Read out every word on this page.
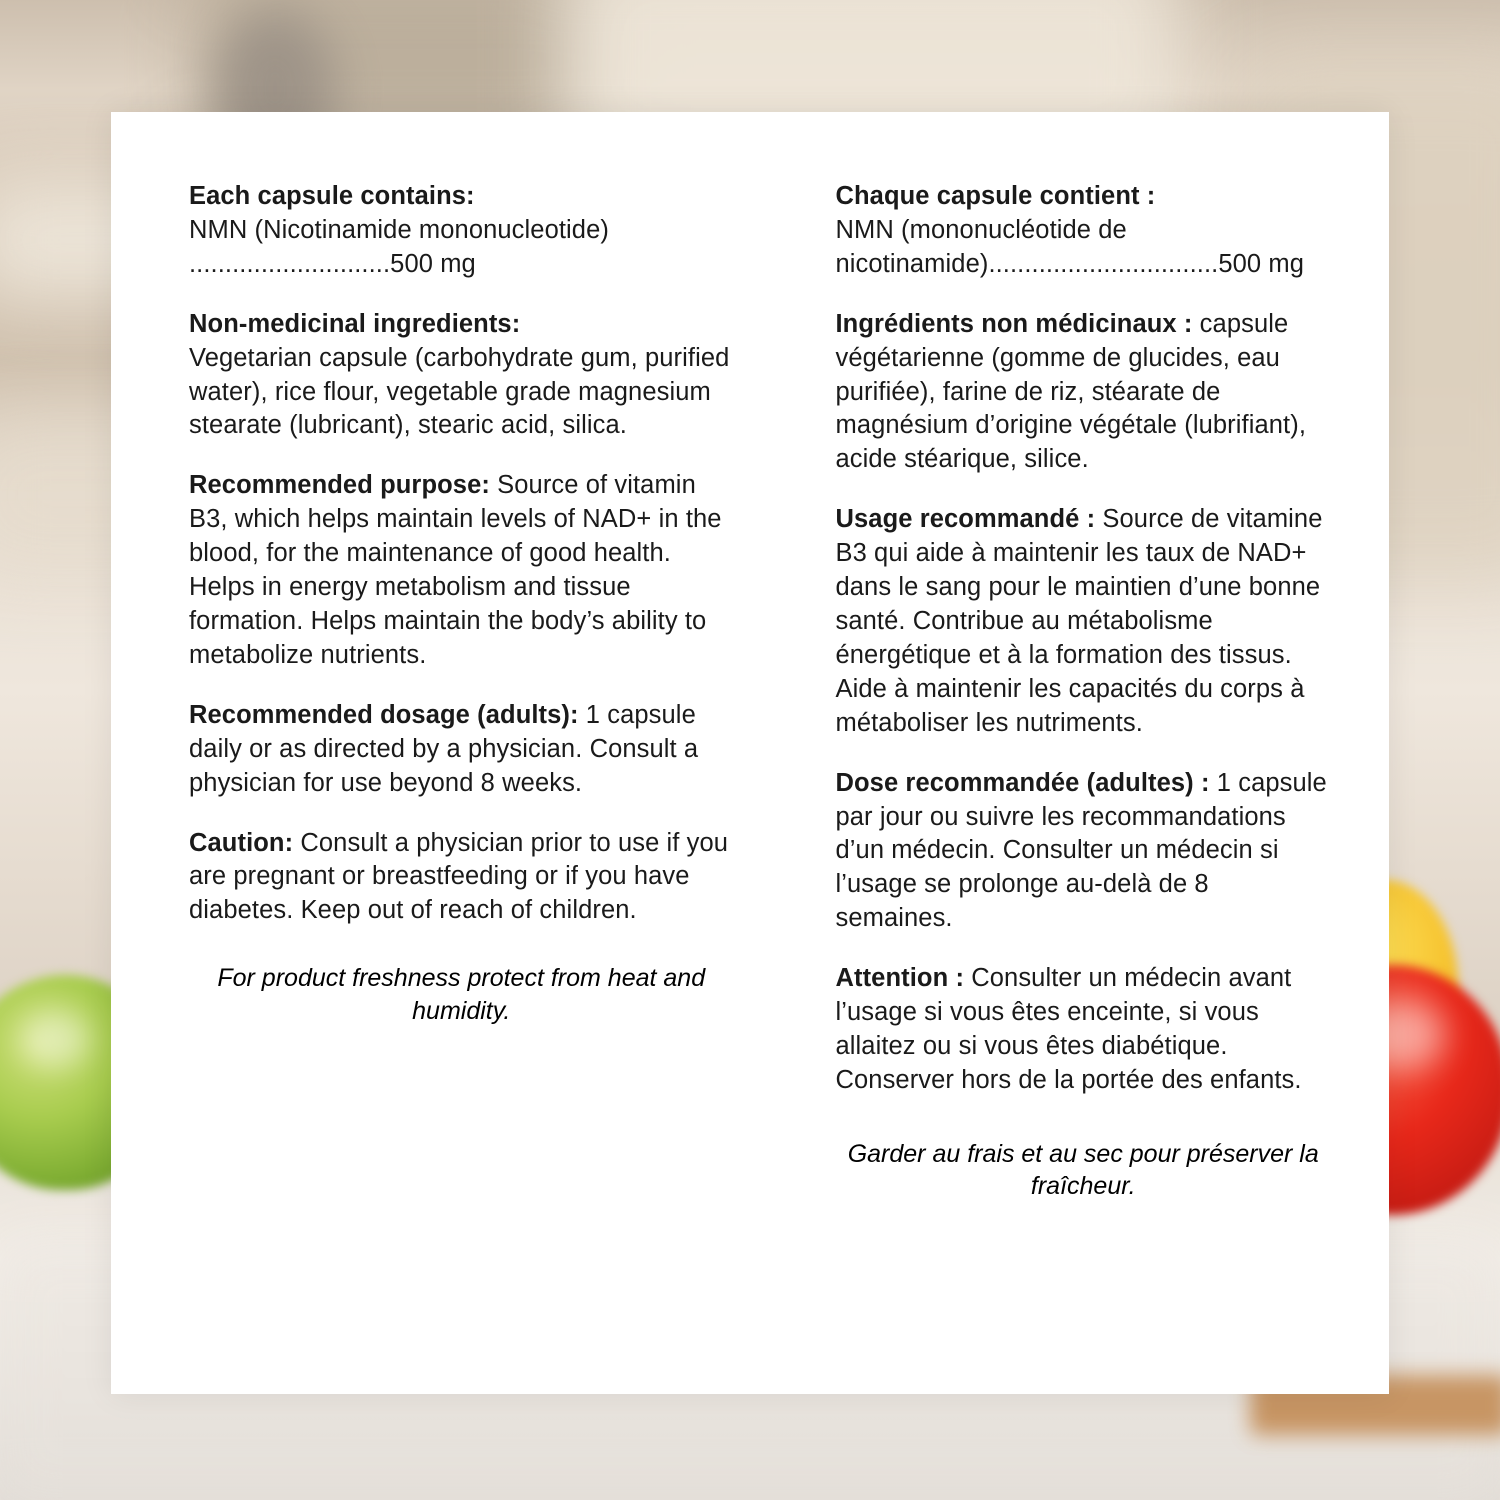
Each capsule contains:
NMN (Nicotinamide mononucleotide) ............................500 mg
Non-medicinal ingredients:
Vegetarian capsule (carbohydrate gum, purified water), rice flour, vegetable grade magnesium stearate (lubricant), stearic acid, silica.
Recommended purpose: Source of vitamin B3, which helps maintain levels of NAD+ in the blood, for the maintenance of good health. Helps in energy metabolism and tissue formation. Helps maintain the body’s ability to metabolize nutrients.
Recommended dosage (adults): 1 capsule daily or as directed by a physician. Consult a physician for use beyond 8 weeks.
Caution: Consult a physician prior to use if you are pregnant or breastfeeding or if you have diabetes. Keep out of reach of children.
For product freshness protect from heat and humidity.
Chaque capsule contient :
NMN (mononucléotide de nicotinamide)................................500 mg
Ingrédients non médicinaux : capsule végétarienne (gomme de glucides, eau purifiée), farine de riz, stéarate de magnésium d’origine végétale (lubrifiant), acide stéarique, silice.
Usage recommandé : Source de vitamine B3 qui aide à maintenir les taux de NAD+ dans le sang pour le maintien d’une bonne santé. Contribue au métabolisme énergétique et à la formation des tissus. Aide à maintenir les capacités du corps à métaboliser les nutriments.
Dose recommandée (adultes) : 1 capsule par jour ou suivre les recommandations d’un médecin. Consulter un médecin si l’usage se prolonge au-delà de 8 semaines.
Attention : Consulter un médecin avant l’usage si vous êtes enceinte, si vous allaitez ou si vous êtes diabétique. Conserver hors de la portée des enfants.
Garder au frais et au sec pour préserver la fraîcheur.
